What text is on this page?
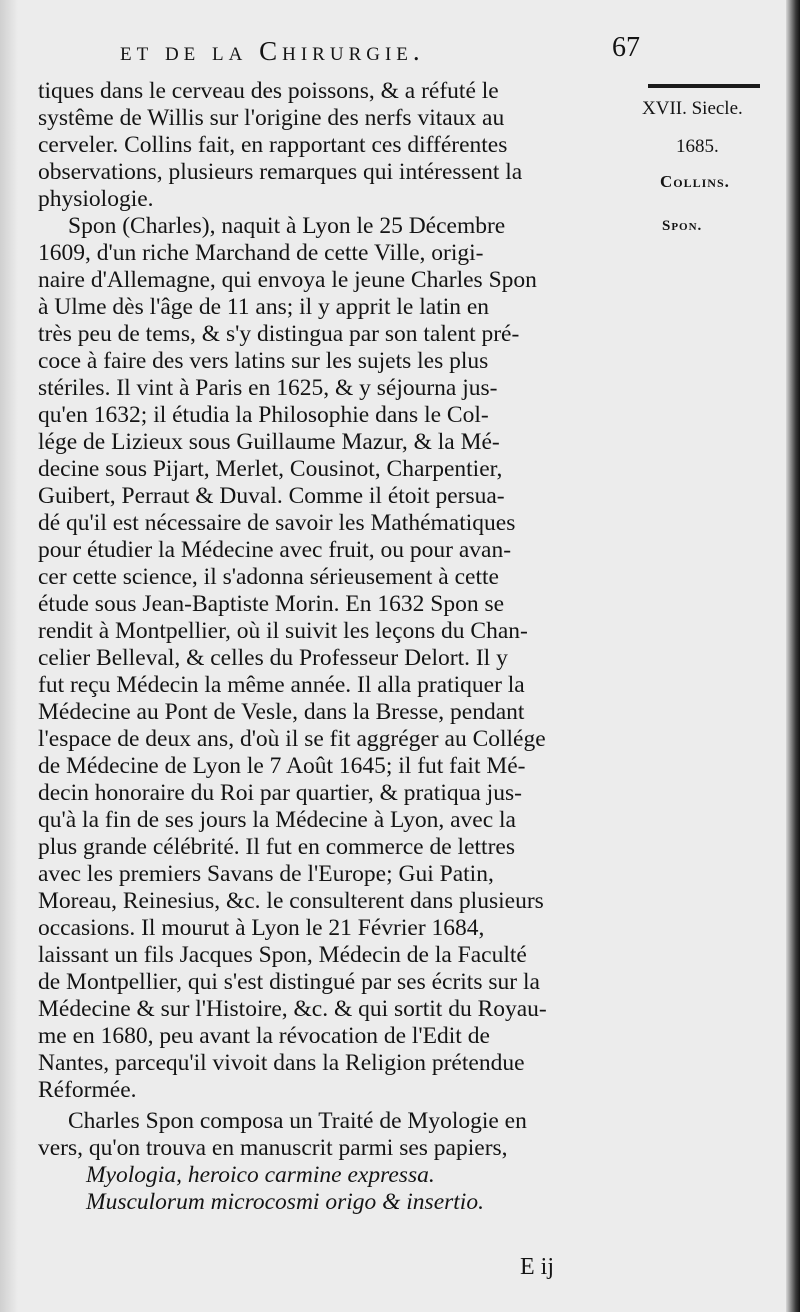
et de la Chirurgie.	67
XVII. Siecle.
1685.
Collins.
Spon.
tiques dans le cerveau des poissons, & a réfuté le
systême de Willis sur l'origine des nerfs vitaux au
cerveler. Collins fait, en rapportant ces différentes
observations, plusieurs remarques qui intéressent la
physiologie.
Spon (Charles), naquit à Lyon le 25 Décembre
1609, d'un riche Marchand de cette Ville, origi-
naire d'Allemagne, qui envoya le jeune Charles Spon
à Ulme dès l'âge de 11 ans; il y apprit le latin en
très peu de tems, & s'y distingua par son talent pré-
coce à faire des vers latins sur les sujets les plus
stériles. Il vint à Paris en 1625, & y séjourna jus-
qu'en 1632; il étudia la Philosophie dans le Col-
lége de Lizieux sous Guillaume Mazur, & la Mé-
decine sous Pijart, Merlet, Cousinot, Charpentier,
Guibert, Perraut & Duval. Comme il étoit persua-
dé qu'il est nécessaire de savoir les Mathématiques
pour étudier la Médecine avec fruit, ou pour avan-
cer cette science, il s'adonna sérieusement à cette
étude sous Jean-Baptiste Morin. En 1632 Spon se
rendit à Montpellier, où il suivit les leçons du Chan-
celier Belleval, & celles du Professeur Delort. Il y
fut reçu Médecin la même année. Il alla pratiquer la
Médecine au Pont de Vesle, dans la Bresse, pendant
l'espace de deux ans, d'où il se fit aggréger au Collége
de Médecine de Lyon le 7 Août 1645; il fut fait Mé-
decin honoraire du Roi par quartier, & pratiqua jus-
qu'à la fin de ses jours la Médecine à Lyon, avec la
plus grande célébrité. Il fut en commerce de lettres
avec les premiers Savans de l'Europe; Gui Patin,
Moreau, Reinesius, &c. le consulterent dans plusieurs
occasions. Il mourut à Lyon le 21 Février 1684,
laissant un fils Jacques Spon, Médecin de la Faculté
de Montpellier, qui s'est distingué par ses écrits sur la
Médecine & sur l'Histoire, &c. & qui sortit du Royau-
me en 1680, peu avant la révocation de l'Edit de
Nantes, parcequ'il vivoit dans la Religion prétendue
Réformée.
Charles Spon composa un Traité de Myologie en
vers, qu'on trouva en manuscrit parmi ses papiers,
Myologia, heroico carmine expressa.
Musculorum microcosmi origo & insertio.
E ij
